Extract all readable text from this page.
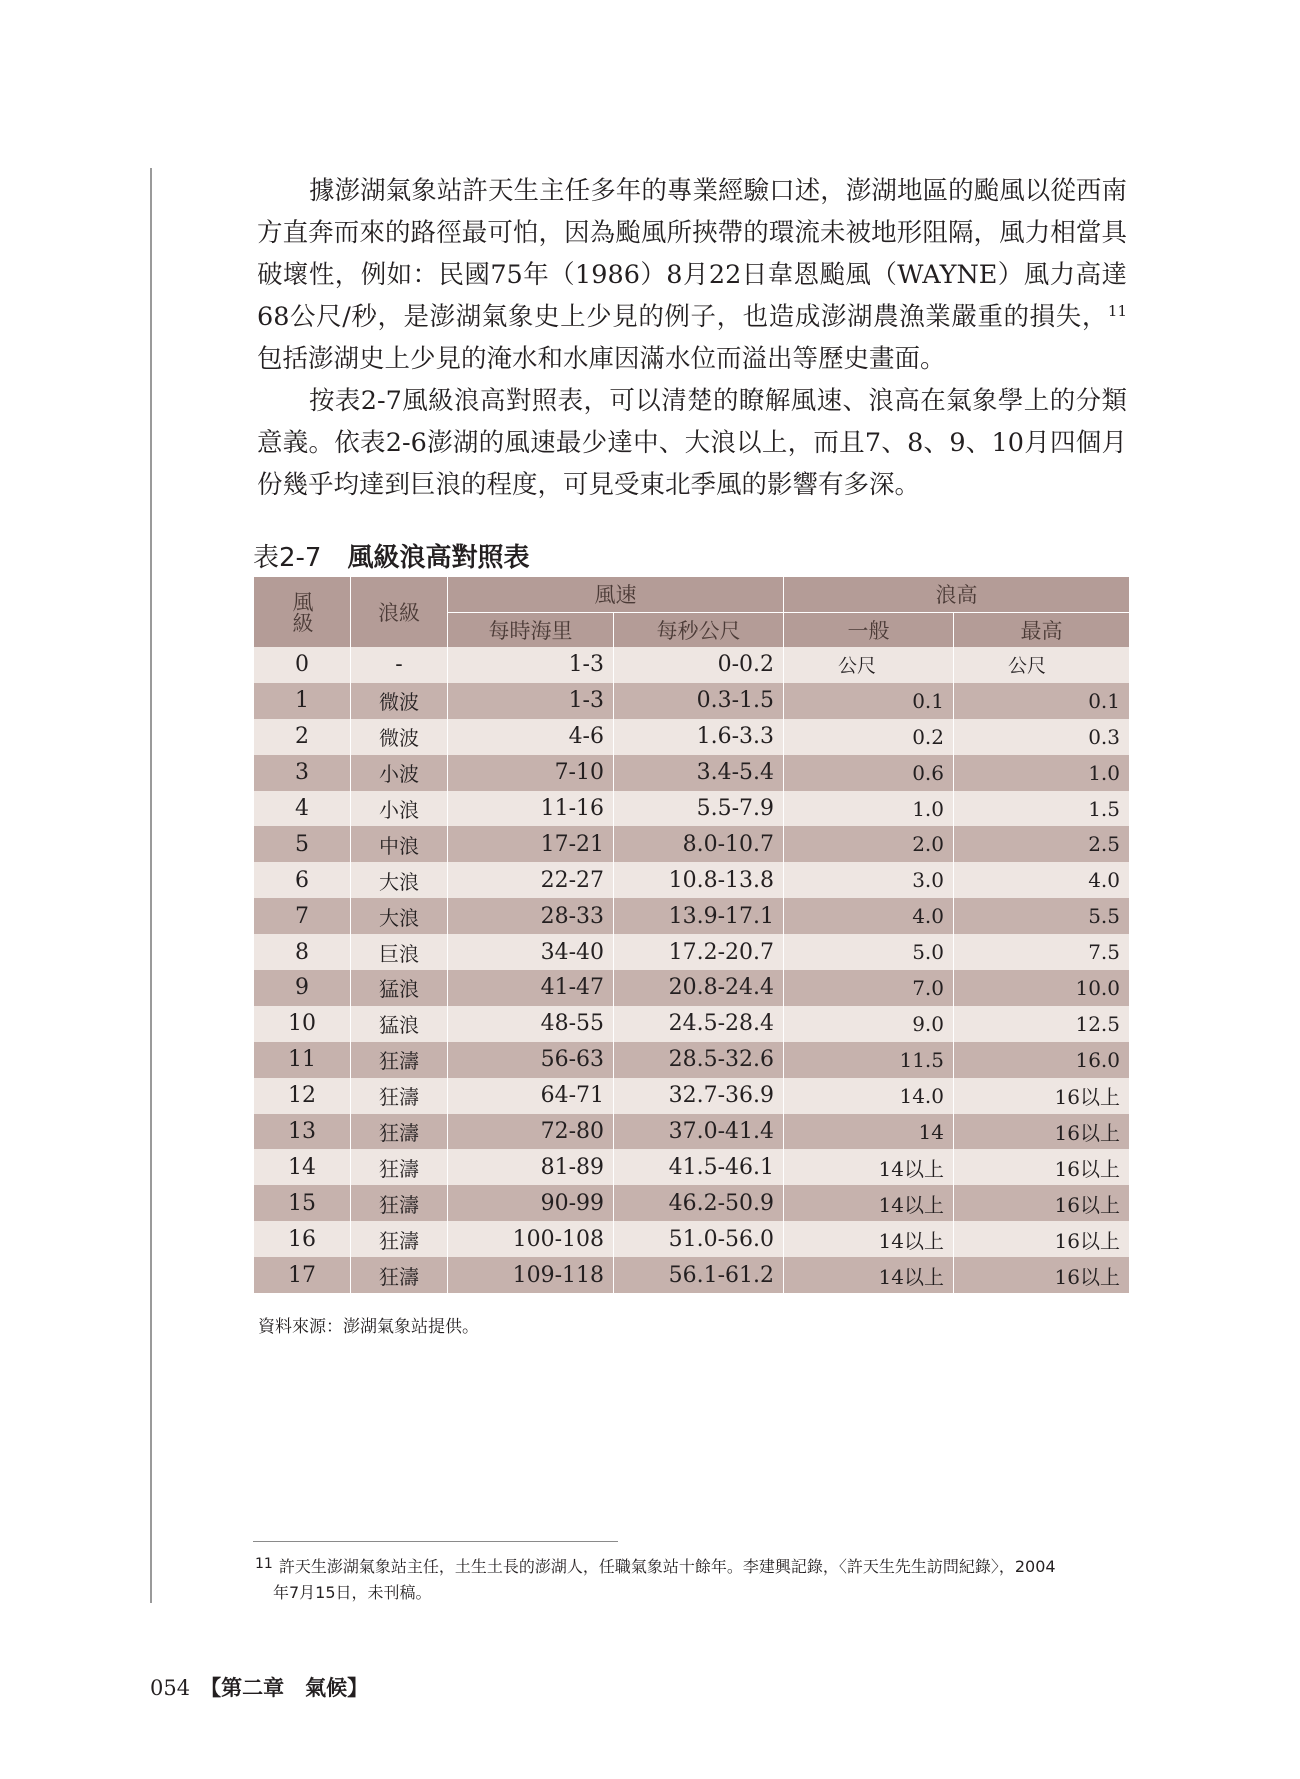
據澎湖氣象站許天生主任多年的專業經驗口述，澎湖地區的颱風以從西南方直奔而來的路徑最可怕，因為颱風所挾帶的環流未被地形阻隔，風力相當具破壞性，例如：民國75年（1986）8月22日韋恩颱風（WAYNE）風力高達68公尺/秒，是澎湖氣象史上少見的例子，也造成澎湖農漁業嚴重的損失，$^{11}$包括澎湖史上少見的淹水和水庫因滿水位而溢出等歷史畫面。

按表2-7風級浪高對照表，可以清楚的瞭解風速、浪高在氣象學上的分類意義。依表2-6澎湖的風速最少達中、大浪以上，而且7、8、9、10月四個月份幾乎均達到巨浪的程度，可見受東北季風的影響有多深。

表2-7 風級浪高對照表
風級	浪級	風速		浪高	
		每時海里	每秒公尺	一般	最高
0	-	1-3	0-0.2	公尺	公尺
1	微波	1-3	0.3-1.5	0.1	0.1
2	微波	4-6	1.6-3.3	0.2	0.3
3	小波	7-10	3.4-5.4	0.6	1.0
4	小浪	11-16	5.5-7.9	1.0	1.5
5	中浪	17-21	8.0-10.7	2.0	2.5
6	大浪	22-27	10.8-13.8	3.0	4.0
7	大浪	28-33	13.9-17.1	4.0	5.5
8	巨浪	34-40	17.2-20.7	5.0	7.5
9	猛浪	41-47	20.8-24.4	7.0	10.0
10	猛浪	48-55	24.5-28.4	9.0	12.5
11	狂濤	56-63	28.5-32.6	11.5	16.0
12	狂濤	64-71	32.7-36.9	14.0	16以上
13	狂濤	72-80	37.0-41.4	14	16以上
14	狂濤	81-89	41.5-46.1	14以上	16以上
15	狂濤	90-99	46.2-50.9	14以上	16以上
16	狂濤	100-108	51.0-56.0	14以上	16以上
17	狂濤	109-118	56.1-61.2	14以上	16以上
資料來源：澎湖氣象站提供。
11 許天生澎湖氣象站主任，土生土長的澎湖人，任職氣象站十餘年。李建興記錄，〈許天生先生訪問紀錄〉，2004
年7月15日，未刊稿。
054 【第二章　氣候】
